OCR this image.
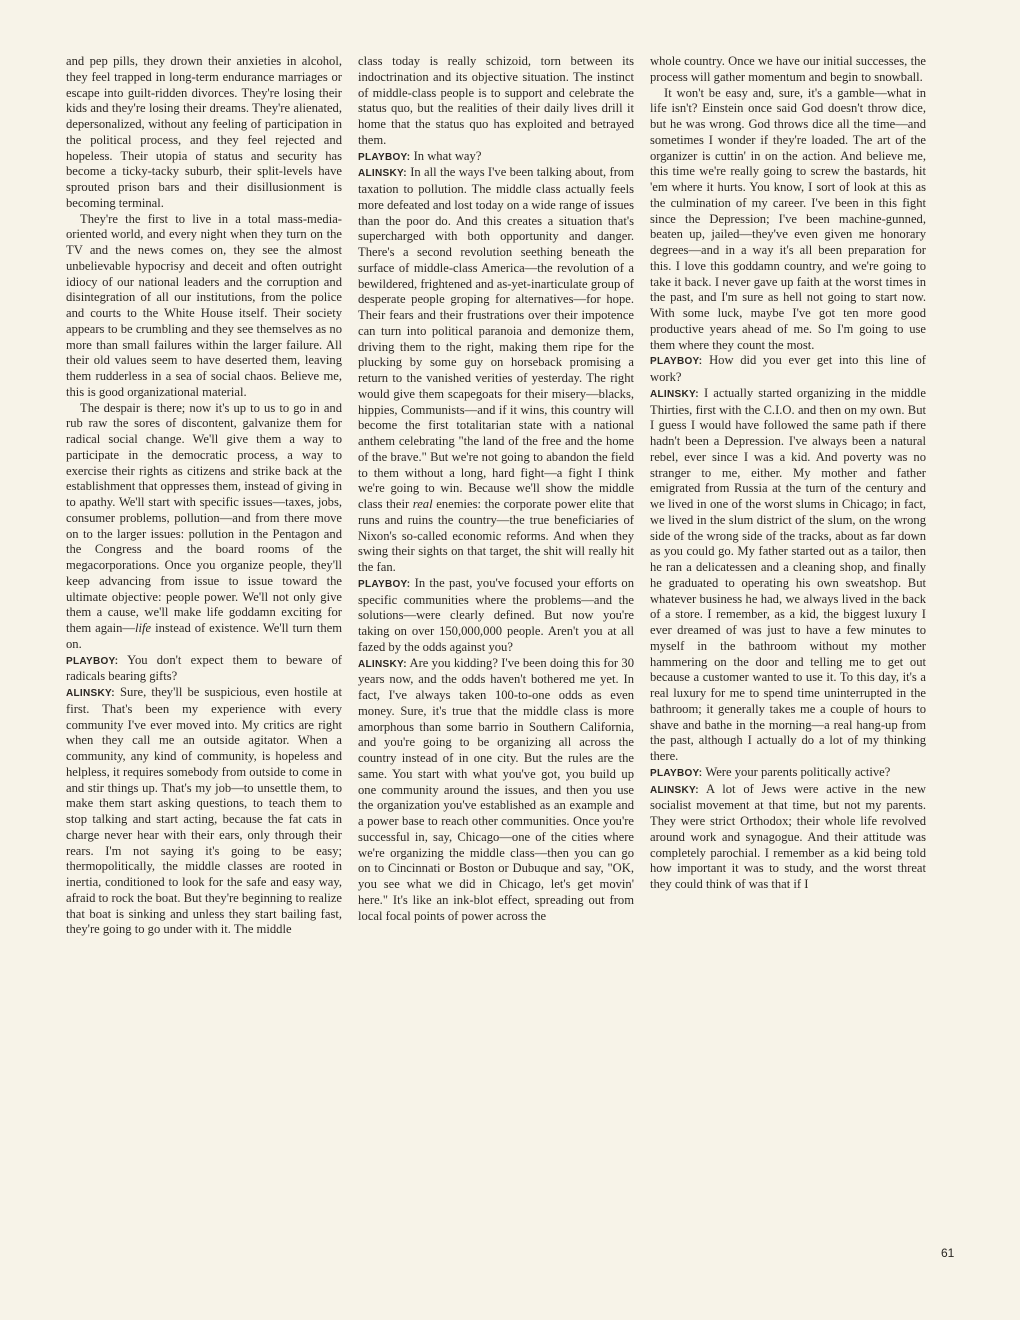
and pep pills, they drown their anxieties in alcohol, they feel trapped in long-term endurance marriages or escape into guilt-ridden divorces. They're losing their kids and they're losing their dreams. They're alienated, depersonalized, without any feeling of participation in the political process, and they feel rejected and hopeless. Their utopia of status and security has become a ticky-tacky suburb, their split-levels have sprouted prison bars and their disillusionment is becoming terminal.

They're the first to live in a total mass-media-oriented world, and every night when they turn on the TV and the news comes on, they see the almost unbelievable hypocrisy and deceit and often outright idiocy of our national leaders and the corruption and disintegration of all our institutions, from the police and courts to the White House itself. Their society appears to be crumbling and they see themselves as no more than small failures within the larger failure. All their old values seem to have deserted them, leaving them rudderless in a sea of social chaos. Believe me, this is good organizational material.

The despair is there; now it's up to us to go in and rub raw the sores of discontent, galvanize them for radical social change. We'll give them a way to participate in the democratic process, a way to exercise their rights as citizens and strike back at the establishment that oppresses them, instead of giving in to apathy. We'll start with specific issues—taxes, jobs, consumer problems, pollution—and from there move on to the larger issues: pollution in the Pentagon and the Congress and the board rooms of the megacorporations. Once you organize people, they'll keep advancing from issue to issue toward the ultimate objective: people power. We'll not only give them a cause, we'll make life goddamn exciting for them again—life instead of existence. We'll turn them on.

PLAYBOY: You don't expect them to beware of radicals bearing gifts?

ALINSKY: Sure, they'll be suspicious, even hostile at first. That's been my experience with every community I've ever moved into. My critics are right when they call me an outside agitator. When a community, any kind of community, is hopeless and helpless, it requires somebody from outside to come in and stir things up. That's my job—to unsettle them, to make them start asking questions, to teach them to stop talking and start acting, because the fat cats in charge never hear with their ears, only through their rears. I'm not saying it's going to be easy; thermopolitically, the middle classes are rooted in inertia, conditioned to look for the safe and easy way, afraid to rock the boat. But they're beginning to realize that boat is sinking and unless they start bailing fast, they're going to go under with it. The middle

class today is really schizoid, torn between its indoctrination and its objective situation. The instinct of middle-class people is to support and celebrate the status quo, but the realities of their daily lives drill it home that the status quo has exploited and betrayed them.

PLAYBOY: In what way?

ALINSKY: In all the ways I've been talking about, from taxation to pollution. The middle class actually feels more defeated and lost today on a wide range of issues than the poor do. And this creates a situation that's supercharged with both opportunity and danger. There's a second revolution seething beneath the surface of middle-class America—the revolution of a bewildered, frightened and as-yet-inarticulate group of desperate people groping for alternatives—for hope. Their fears and their frustrations over their impotence can turn into political paranoia and demonize them, driving them to the right, making them ripe for the plucking by some guy on horseback promising a return to the vanished verities of yesterday. The right would give them scapegoats for their misery—blacks, hippies, Communists—and if it wins, this country will become the first totalitarian state with a national anthem celebrating "the land of the free and the home of the brave." But we're not going to abandon the field to them without a long, hard fight—a fight I think we're going to win. Because we'll show the middle class their real enemies: the corporate power elite that runs and ruins the country—the true beneficiaries of Nixon's so-called economic reforms. And when they swing their sights on that target, the shit will really hit the fan.

PLAYBOY: In the past, you've focused your efforts on specific communities where the problems—and the solutions—were clearly defined. But now you're taking on over 150,000,000 people. Aren't you at all fazed by the odds against you?

ALINSKY: Are you kidding? I've been doing this for 30 years now, and the odds haven't bothered me yet. In fact, I've always taken 100-to-one odds as even money. Sure, it's true that the middle class is more amorphous than some barrio in Southern California, and you're going to be organizing all across the country instead of in one city. But the rules are the same. You start with what you've got, you build up one community around the issues, and then you use the organization you've established as an example and a power base to reach other communities. Once you're successful in, say, Chicago—one of the cities where we're organizing the middle class—then you can go on to Cincinnati or Boston or Dubuque and say, "OK, you see what we did in Chicago, let's get movin' here." It's like an ink-blot effect, spreading out from local focal points of power across the

whole country. Once we have our initial successes, the process will gather momentum and begin to snowball.

It won't be easy and, sure, it's a gamble—what in life isn't? Einstein once said God doesn't throw dice, but he was wrong. God throws dice all the time—and sometimes I wonder if they're loaded. The art of the organizer is cuttin' in on the action. And believe me, this time we're really going to screw the bastards, hit 'em where it hurts. You know, I sort of look at this as the culmination of my career. I've been in this fight since the Depression; I've been machine-gunned, beaten up, jailed—they've even given me honorary degrees—and in a way it's all been preparation for this. I love this goddamn country, and we're going to take it back. I never gave up faith at the worst times in the past, and I'm sure as hell not going to start now. With some luck, maybe I've got ten more good productive years ahead of me. So I'm going to use them where they count the most.

PLAYBOY: How did you ever get into this line of work?

ALINSKY: I actually started organizing in the middle Thirties, first with the C.I.O. and then on my own. But I guess I would have followed the same path if there hadn't been a Depression. I've always been a natural rebel, ever since I was a kid. And poverty was no stranger to me, either. My mother and father emigrated from Russia at the turn of the century and we lived in one of the worst slums in Chicago; in fact, we lived in the slum district of the slum, on the wrong side of the wrong side of the tracks, about as far down as you could go. My father started out as a tailor, then he ran a delicatessen and a cleaning shop, and finally he graduated to operating his own sweatshop. But whatever business he had, we always lived in the back of a store. I remember, as a kid, the biggest luxury I ever dreamed of was just to have a few minutes to myself in the bathroom without my mother hammering on the door and telling me to get out because a customer wanted to use it. To this day, it's a real luxury for me to spend time uninterrupted in the bathroom; it generally takes me a couple of hours to shave and bathe in the morning—a real hang-up from the past, although I actually do a lot of my thinking there.

PLAYBOY: Were your parents politically active?

ALINSKY: A lot of Jews were active in the new socialist movement at that time, but not my parents. They were strict Orthodox; their whole life revolved around work and synagogue. And their attitude was completely parochial. I remember as a kid being told how important it was to study, and the worst threat they could think of was that if I

61
